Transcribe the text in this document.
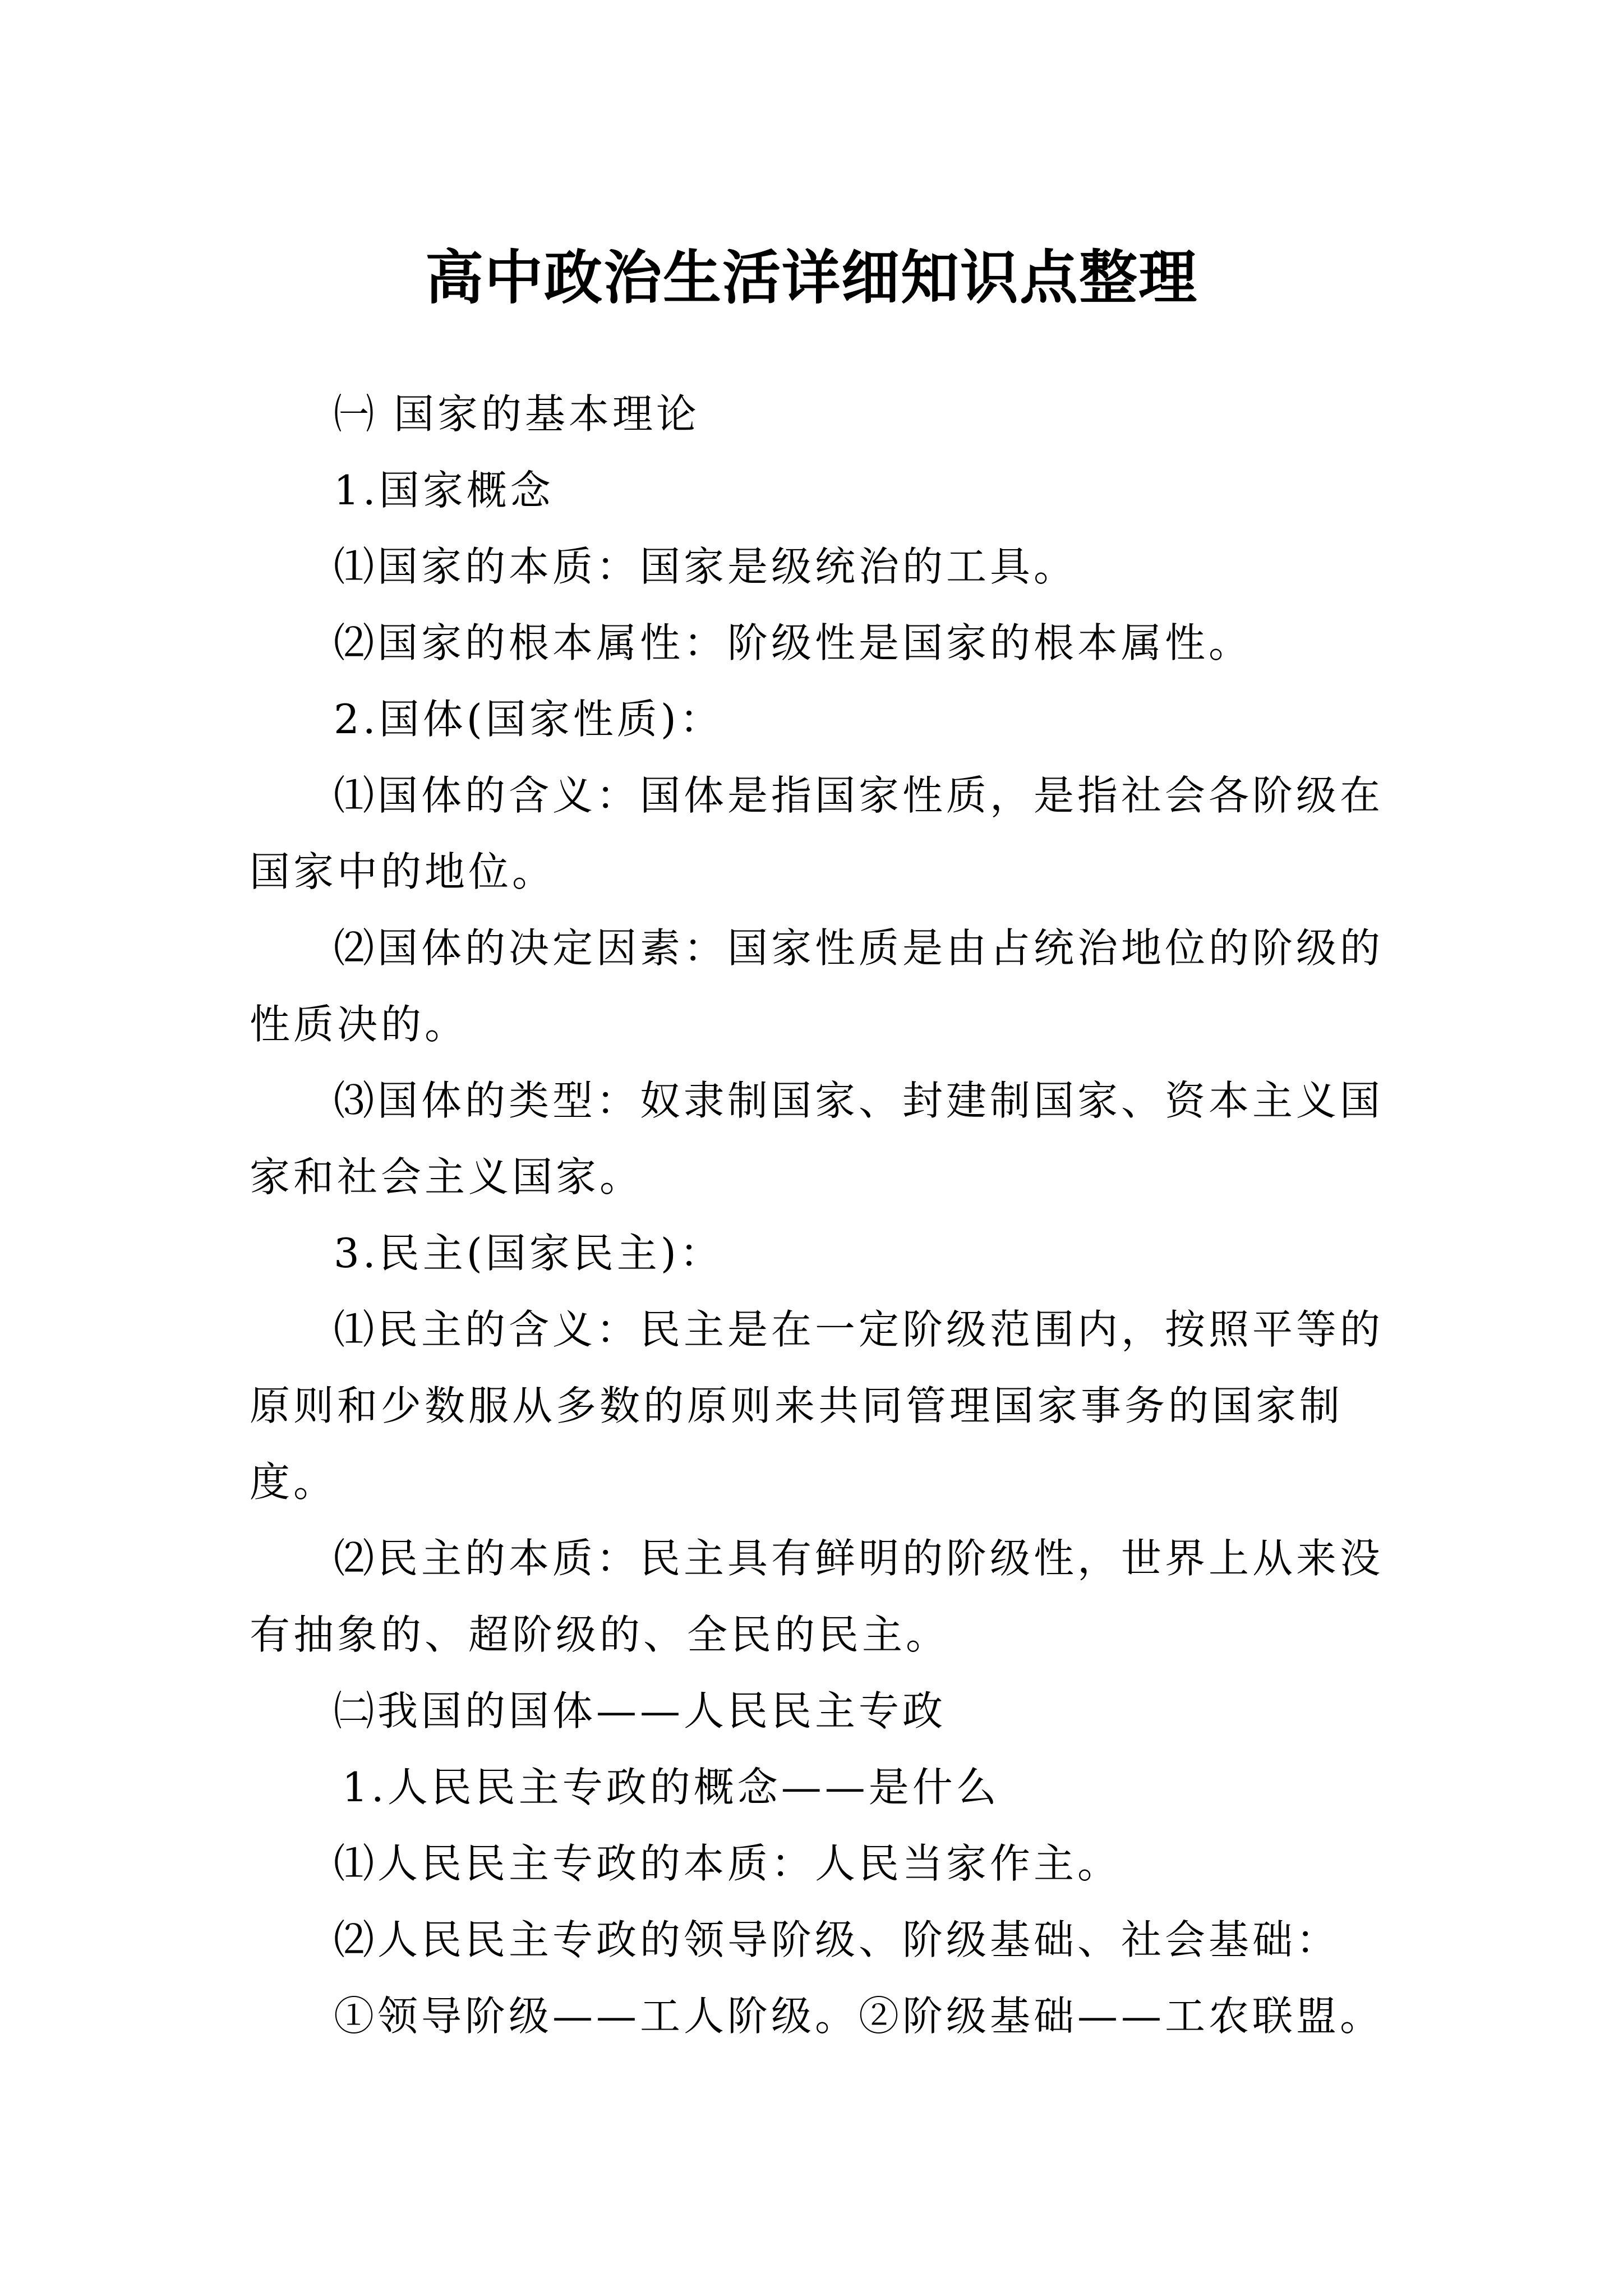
高中政治生活详细知识点整理

㈠ 国家的基本理论

1.国家概念

⑴国家的本质：国家是级统治的工具。

⑵国家的根本属性：阶级性是国家的根本属性。

2.国体(国家性质)：

⑴国体的含义：国体是指国家性质，是指社会各阶级在国家中的地位。

⑵国体的决定因素：国家性质是由占统治地位的阶级的性质决的。

⑶国体的类型：奴隶制国家、封建制国家、资本主义国家和社会主义国家。

3.民主(国家民主)：

⑴民主的含义：民主是在一定阶级范围内，按照平等的原则和少数服从多数的原则来共同管理国家事务的国家制度。

⑵民主的本质：民主具有鲜明的阶级性，世界上从来没有抽象的、超阶级的、全民的民主。

㈡我国的国体——人民民主专政

1.人民民主专政的概念——是什么

⑴人民民主专政的本质：人民当家作主。

⑵人民民主专政的领导阶级、阶级基础、社会基础：

①领导阶级——工人阶级。②阶级基础——工农联盟。
